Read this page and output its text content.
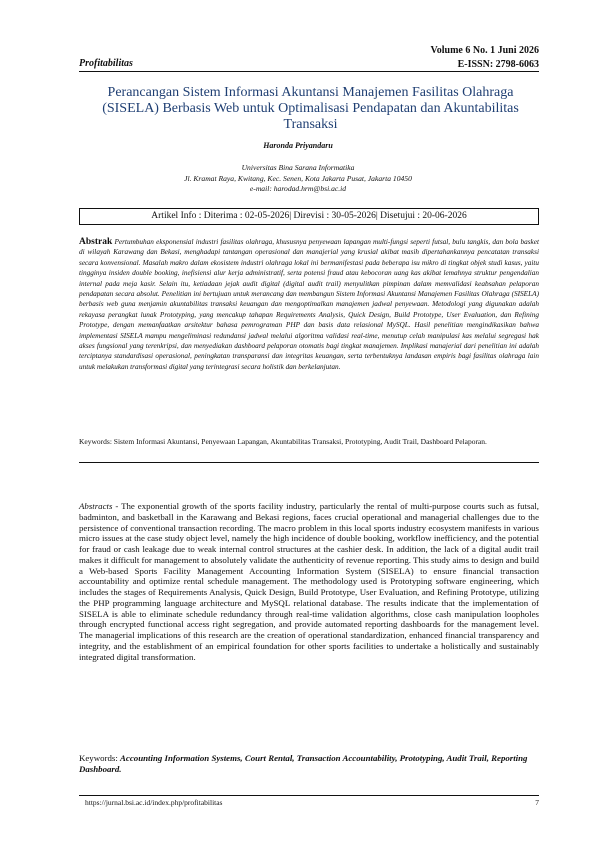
Profitabilitas
Volume 6 No. 1 Juni 2026
E-ISSN: 2798-6063
Perancangan Sistem Informasi Akuntansi Manajemen Fasilitas Olahraga (SISELA) Berbasis Web untuk Optimalisasi Pendapatan dan Akuntabilitas Transaksi
Haronda Priyandaru
Universitas Bina Sarana Informatika
Jl. Kramat Raya, Kwitang, Kec. Senen, Kota Jakarta Pusat, Jakarta 10450
e-mail: harodad.hrm@bsi.ac.id
Artikel Info : Diterima : 02-05-2026| Direvisi : 30-05-2026| Disetujui : 20-06-2026
Abstrak Pertumbuhan eksponensial industri fasilitas olahraga, khususnya penyewaan lapangan multi-fungsi seperti futsal, bulu tangkis, dan bola basket di wilayah Karawang dan Bekasi, menghadapi tantangan operasional dan manajerial yang krusial akibat masih dipertahankannya pencatatan transaksi secara konvensional. Masalah makro dalam ekosistem industri olahraga lokal ini bermanifestasi pada beberapa isu mikro di tingkat objek studi kasus, yaitu tingginya insiden double booking, inefisiensi alur kerja administratif, serta potensi fraud atau kebocoran uang kas akibat lemahnya struktur pengendalian internal pada meja kasir. Selain itu, ketiadaan jejak audit digital (digital audit trail) menyulitkan pimpinan dalam memvalidasi keabsahan pelaporan pendapatan secara absolut. Penelitian ini bertujuan untuk merancang dan membangun Sistem Informasi Akuntansi Manajemen Fasilitas Olahraga (SISELA) berbasis web guna menjamin akuntabilitas transaksi keuangan dan mengoptimalkan manajemen jadwal penyewaan. Metodologi yang digunakan adalah rekayasa perangkat lunak Prototyping, yang mencakup tahapan Requirements Analysis, Quick Design, Build Prototype, User Evaluation, dan Refining Prototype, dengan memanfaatkan arsitektur bahasa pemrograman PHP dan basis data relasional MySQL. Hasil penelitian mengindikasikan bahwa implementasi SISELA mampu mengeliminasi redundansi jadwal melalui algoritma validasi real-time, menutup celah manipulasi kas melalui segregasi hak akses fungsional yang terenkripsi, dan menyediakan dashboard pelaporan otomatis bagi tingkat manajemen. Implikasi manajerial dari penelitian ini adalah terciptanya standardisasi operasional, peningkatan transparansi dan integritas keuangan, serta terbentuknya landasan empiris bagi fasilitas olahraga lain untuk melakukan transformasi digital yang terintegrasi secara holistik dan berkelanjutan.
Keywords: Sistem Informasi Akuntansi, Penyewaan Lapangan, Akuntabilitas Transaksi, Prototyping, Audit Trail, Dashboard Pelaporan.
Abstracts - The exponential growth of the sports facility industry, particularly the rental of multi-purpose courts such as futsal, badminton, and basketball in the Karawang and Bekasi regions, faces crucial operational and managerial challenges due to the persistence of conventional transaction recording. The macro problem in this local sports industry ecosystem manifests in various micro issues at the case study object level, namely the high incidence of double booking, workflow inefficiency, and the potential for fraud or cash leakage due to weak internal control structures at the cashier desk. In addition, the lack of a digital audit trail makes it difficult for management to absolutely validate the authenticity of revenue reporting. This study aims to design and build a Web-based Sports Facility Management Accounting Information System (SISELA) to ensure financial transaction accountability and optimize rental schedule management. The methodology used is Prototyping software engineering, which includes the stages of Requirements Analysis, Quick Design, Build Prototype, User Evaluation, and Refining Prototype, utilizing the PHP programming language architecture and MySQL relational database. The results indicate that the implementation of SISELA is able to eliminate schedule redundancy through real-time validation algorithms, close cash manipulation loopholes through encrypted functional access right segregation, and provide automated reporting dashboards for the management level. The managerial implications of this research are the creation of operational standardization, enhanced financial transparency and integrity, and the establishment of an empirical foundation for other sports facilities to undertake a holistically and sustainably integrated digital transformation.
Keywords: Accounting Information Systems, Court Rental, Transaction Accountability, Prototyping, Audit Trail, Reporting Dashboard.
https://jurnal.bsi.ac.id/index.php/profitabilitas	7
